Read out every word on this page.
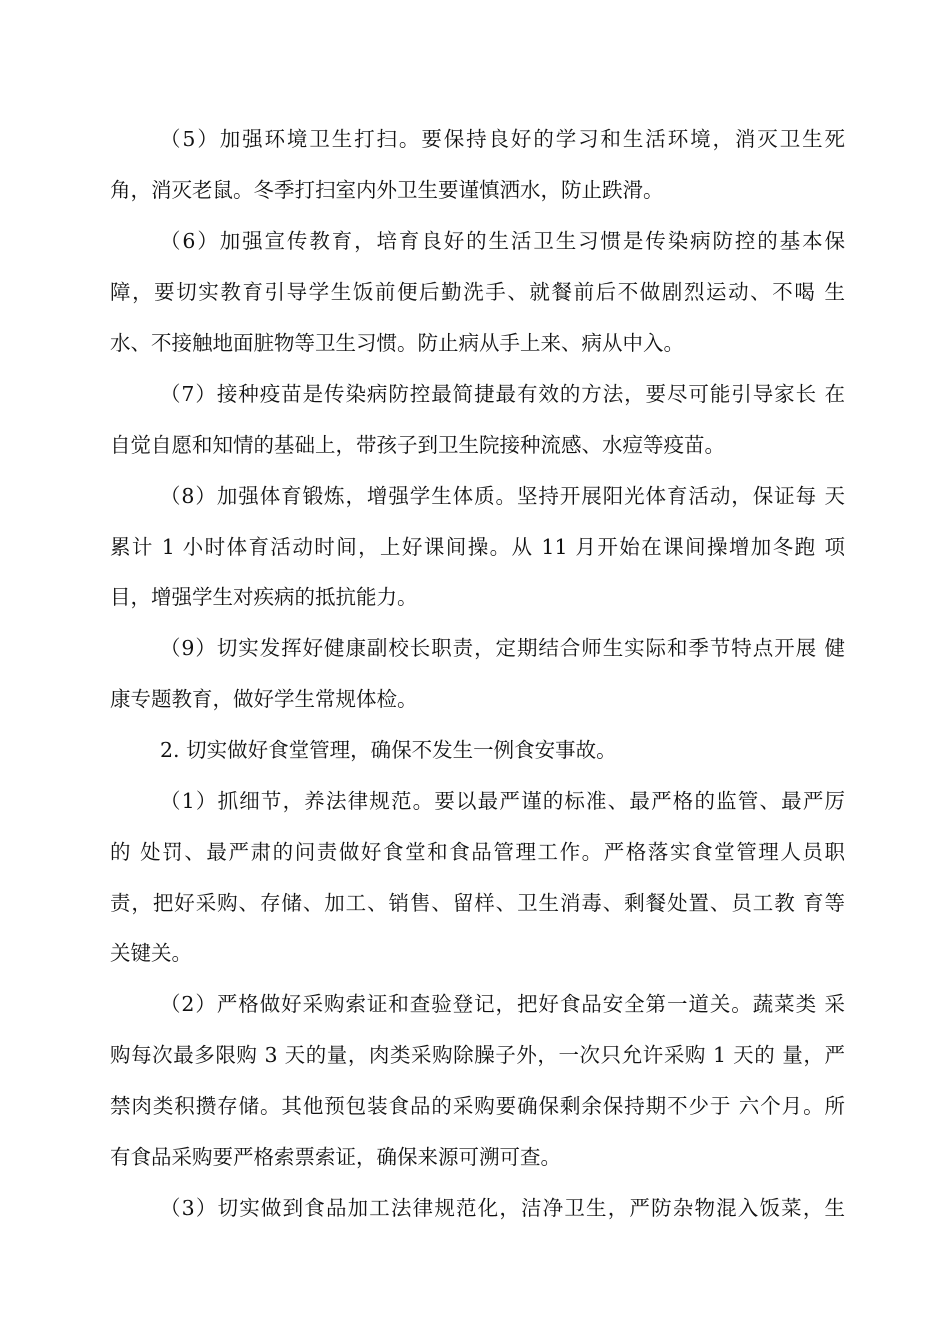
（5）加强环境卫生打扫。要保持良好的学习和生活环境，消灭卫生死
角，消灭老鼠。冬季打扫室内外卫生要谨慎洒水，防止跌滑。
（6）加强宣传教育，培育良好的生活卫生习惯是传染病防控的基本保
障，要切实教育引导学生饭前便后勤洗手、就餐前后不做剧烈运动、不喝 生
水、不接触地面脏物等卫生习惯。防止病从手上来、病从中入。
（7）接种疫苗是传染病防控最简捷最有效的方法，要尽可能引导家长 在
自觉自愿和知情的基础上，带孩子到卫生院接种流感、水痘等疫苗。
（8）加强体育锻炼，增强学生体质。坚持开展阳光体育活动，保证每 天
累计 1 小时体育活动时间，上好课间操。从 11 月开始在课间操增加冬跑 项
目，增强学生对疾病的抵抗能力。
（9）切实发挥好健康副校长职责，定期结合师生实际和季节特点开展 健
康专题教育，做好学生常规体检。
2. 切实做好食堂管理，确保不发生一例食安事故。
（1）抓细节，养法律规范。要以最严谨的标准、最严格的监管、最严厉
的 处罚、最严肃的问责做好食堂和食品管理工作。严格落实食堂管理人员职
责，把好采购、存储、加工、销售、留样、卫生消毒、剩餐处置、员工教 育等
关键关。
（2）严格做好采购索证和查验登记，把好食品安全第一道关。蔬菜类 采
购每次最多限购 3 天的量，肉类采购除臊子外，一次只允许采购 1 天的 量，严
禁肉类积攒存储。其他预包装食品的采购要确保剩余保持期不少于 六个月。所
有食品采购要严格索票索证，确保来源可溯可查。
（3）切实做到食品加工法律规范化，洁净卫生，严防杂物混入饭菜，生
